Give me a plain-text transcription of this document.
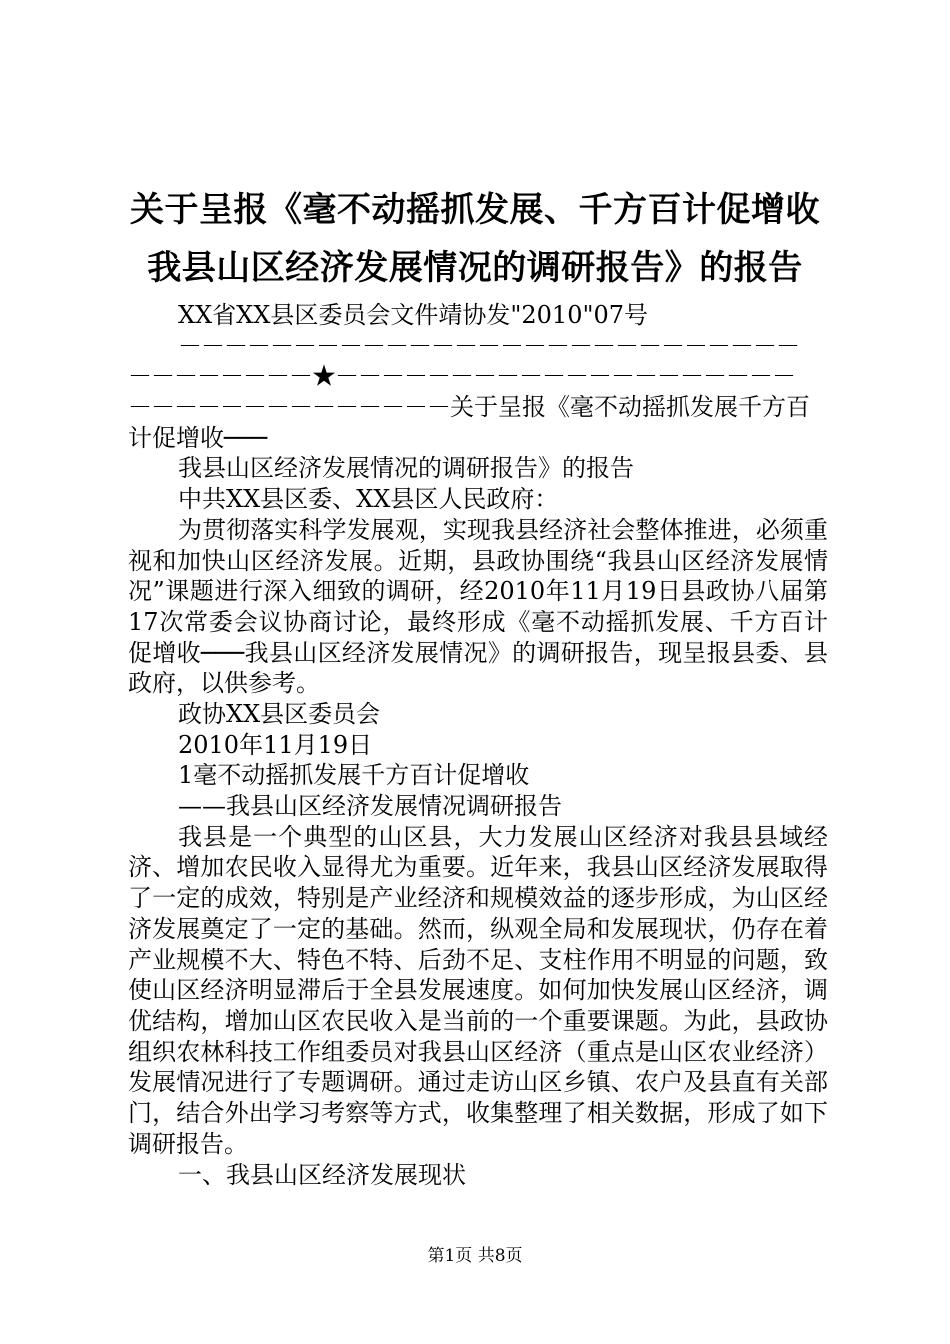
关于呈报《毫不动摇抓发展、千方百计促增收
我县山区经济发展情况的调研报告》的报告
XX省XX县区委员会文件靖协发"2010"07号
－－－－－－－－－－－－－－－－－－－－－－－－－－－
－－－－－－－－★－－－－－－－－－－－－－－－－－－－－
－－－－－－－－－－－－－－关于呈报《毫不动摇抓发展千方百
计促增收───
我县山区经济发展情况的调研报告》的报告
中共XX县区委、XX县区人民政府：
为贯彻落实科学发展观，实现我县经济社会整体推进，必须重视和加快山区经济发展。近期，县政协围绕“我县山区经济发展情况”课题进行深入细致的调研，经2010年11月19日县政协八届第17次常委会议协商讨论，最终形成《毫不动摇抓发展、千方百计促增收───我县山区经济发展情况》的调研报告，现呈报县委、县政府，以供参考。
政协XX县区委员会
2010年11月19日
1毫不动摇抓发展千方百计促增收
——我县山区经济发展情况调研报告
我县是一个典型的山区县，大力发展山区经济对我县县域经济、增加农民收入显得尤为重要。近年来，我县山区经济发展取得了一定的成效，特别是产业经济和规模效益的逐步形成，为山区经济发展奠定了一定的基础。然而，纵观全局和发展现状，仍存在着产业规模不大、特色不特、后劲不足、支柱作用不明显的问题，致使山区经济明显滞后于全县发展速度。如何加快发展山区经济，调优结构，增加山区农民收入是当前的一个重要课题。为此，县政协组织农林科技工作组委员对我县山区经济（重点是山区农业经济）发展情况进行了专题调研。通过走访山区乡镇、农户及县直有关部门，结合外出学习考察等方式，收集整理了相关数据，形成了如下调研报告。
一、我县山区经济发展现状
第1页 共8页
